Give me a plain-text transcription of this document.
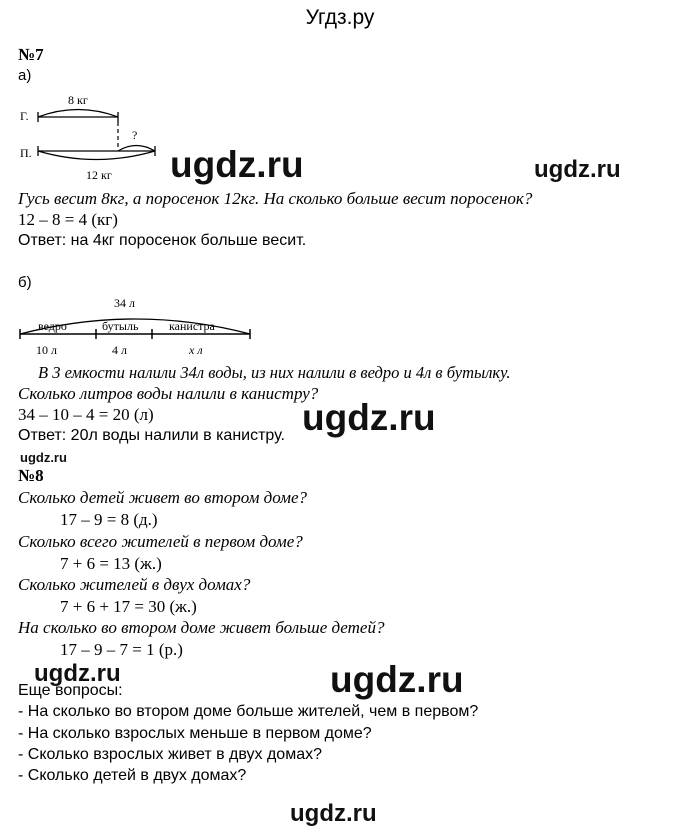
Угдз.ру
№7
а)
Г.
П.
8 кг
?
12 кг
Гусь весит 8кг, а поросенок 12кг. На сколько больше весит поросенок?
12 – 8 = 4 (кг)
Ответ: на 4кг поросенок больше весит.
б)
34 л
ведро	бутыль	канистра
10 л	4 л	х л
В 3 емкости налили 34л воды, из них налили в ведро и 4л в бутылку.
Сколько литров воды налили в канистру?
34 – 10 – 4 = 20 (л)
Ответ: 20л воды налили в канистру.
№8
Сколько детей живет во втором доме?
17 – 9 = 8 (д.)
Сколько всего жителей в первом доме?
7 + 6 = 13 (ж.)
Сколько жителей в двух домах?
7 + 6 + 17 = 30 (ж.)
На сколько во втором доме живет больше детей?
17 – 9 – 7 = 1 (р.)
Еще вопросы:
- На сколько во втором доме больше жителей, чем в первом?
- На сколько взрослых меньше в первом доме?
- Сколько взрослых живет в двух домах?
- Сколько детей в двух домах?
ugdz.ru	ugdz.ru
ugdz.ru
ugdz.ru
ugdz.ru	ugdz.ru
ugdz.ru
